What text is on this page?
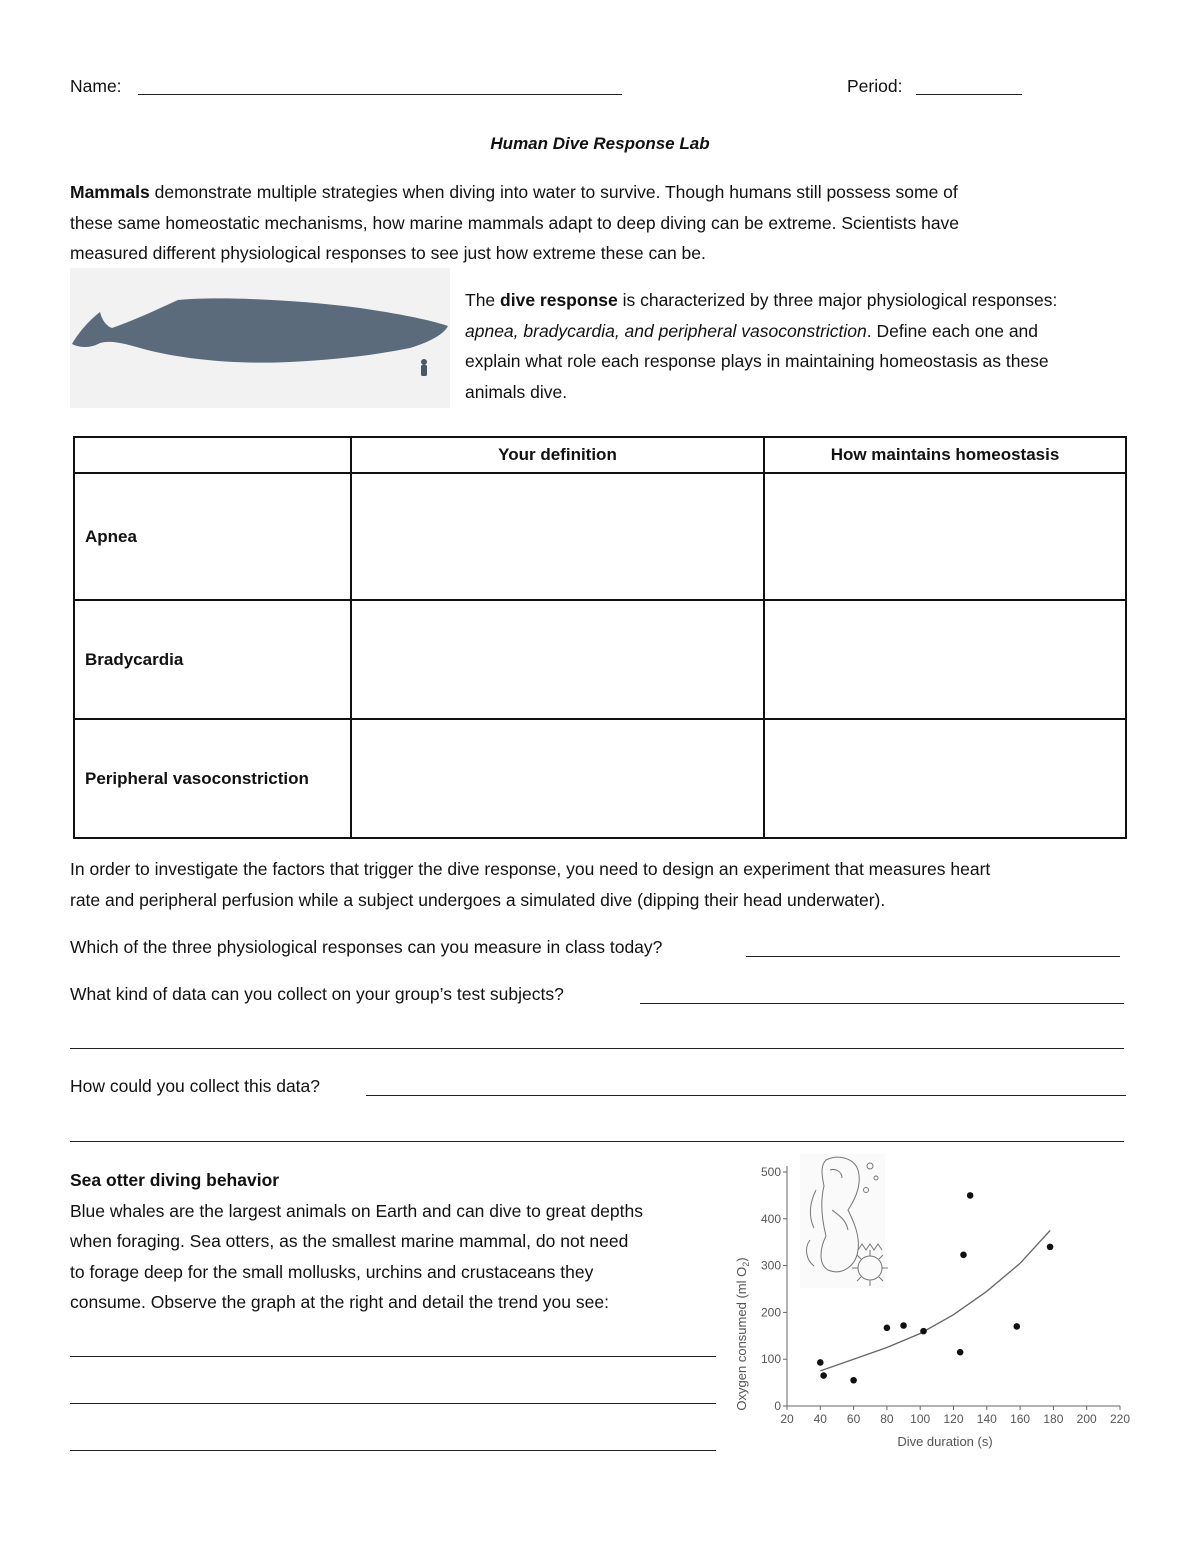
Name:	Period:
Human Dive Response Lab
Mammals demonstrate multiple strategies when diving into water to survive. Though humans still possess some of
these same homeostatic mechanisms, how marine mammals adapt to deep diving can be extreme. Scientists have
measured different physiological responses to see just how extreme these can be.
The dive response is characterized by three major physiological responses:
apnea, bradycardia, and peripheral vasoconstriction. Define each one and
explain what role each response plays in maintaining homeostasis as these
animals dive.
	Your definition	How maintains homeostasis
Apnea		
Bradycardia		
Peripheral vasoconstriction		
In order to investigate the factors that trigger the dive response, you need to design an experiment that measures heart
rate and peripheral perfusion while a subject undergoes a simulated dive (dipping their head underwater).
Which of the three physiological responses can you measure in class today?
What kind of data can you collect on your group’s test subjects?
How could you collect this data?
Sea otter diving behavior
Blue whales are the largest animals on Earth and can dive to great depths
when foraging. Sea otters, as the smallest marine mammal, do not need
to forage deep for the small mollusks, urchins and crustaceans they
consume. Observe the graph at the right and detail the trend you see:
20 40 60 80 100 120 140 160 180 200 220
0
100
200
300
400
500
Dive duration (s)
Oxygen consumed (ml $O_2$)
